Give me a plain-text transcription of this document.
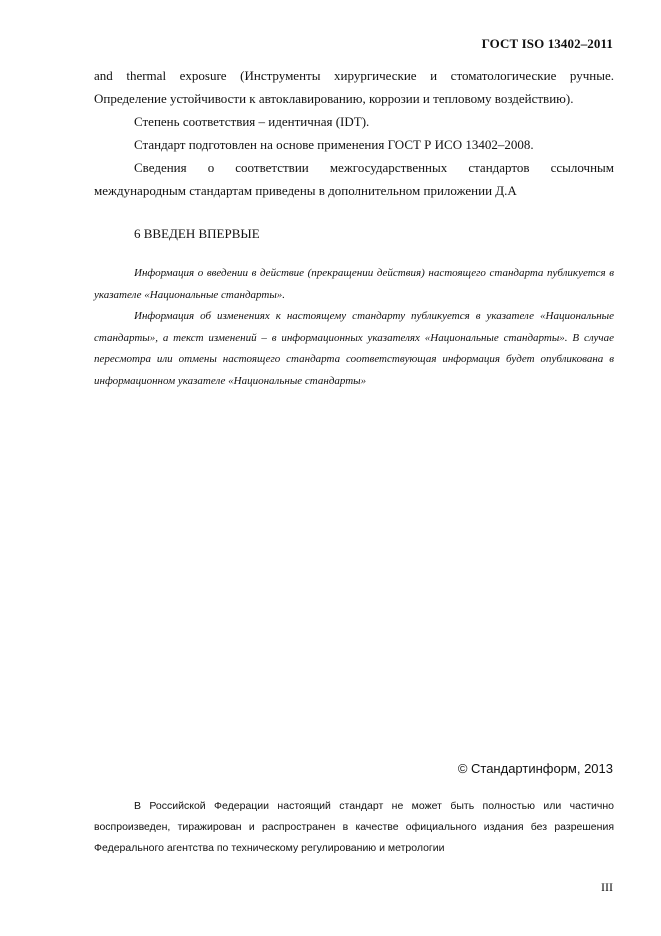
ГОСТ ISO 13402–2011

and thermal exposure (Инструменты хирургические и стоматологические ручные. Определение устойчивости к автоклавированию, коррозии и тепловому воздействию).

Степень соответствия – идентичная (IDT).

Стандарт подготовлен на основе применения ГОСТ Р ИСО 13402–2008.

Сведения о соответствии межгосударственных стандартов ссылочным международным стандартам приведены в дополнительном приложении Д.А

6 ВВЕДЕН ВПЕРВЫЕ

Информация о введении в действие (прекращении действия) настоящего стандарта публикуется в указателе «Национальные стандарты».

Информация об изменениях к настоящему стандарту публикуется в указателе «Национальные стандарты», а текст изменений – в информационных указателях «Национальные стандарты». В случае пересмотра или отмены настоящего стандарта соответствующая информация будет опубликована в информационном указателе «Национальные стандарты»

© Стандартинформ, 2013

В Российской Федерации настоящий стандарт не может быть полностью или частично воспроизведен, тиражирован и распространен в качестве официального издания без разрешения Федерального агентства по техническому регулированию и метрологии

III
